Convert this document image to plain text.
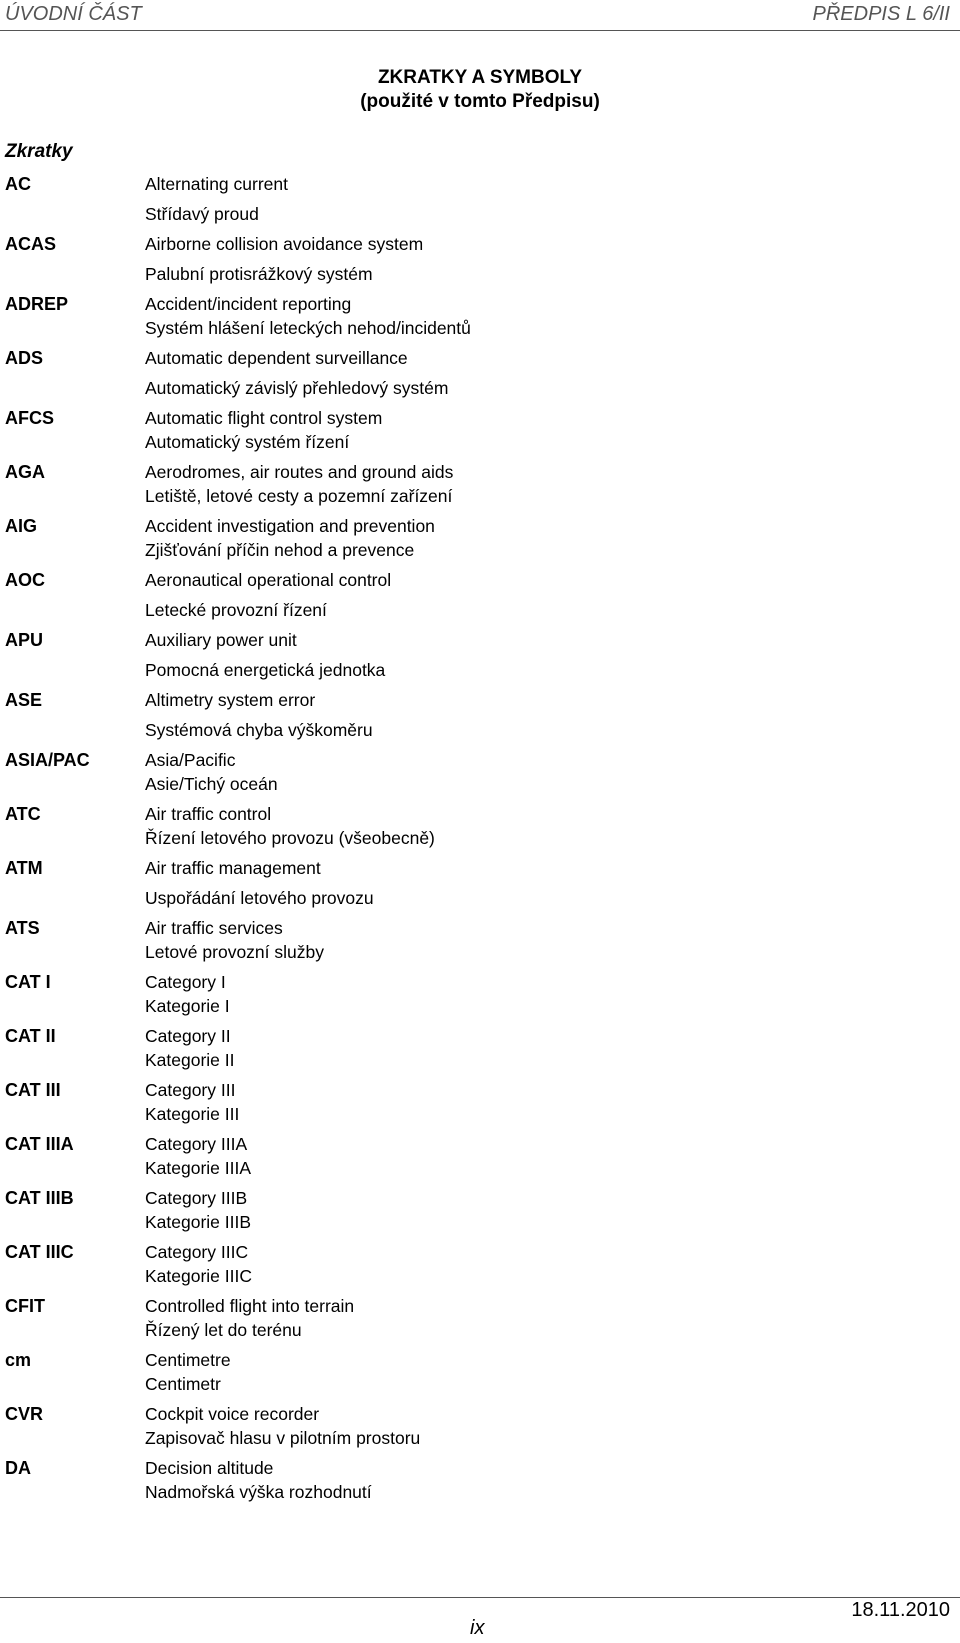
ÚVODNÍ ČÁST	PŘEDPIS L 6/II
ZKRATKY A SYMBOLY
(použité v tomto Předpisu)
Zkratky
AC	Alternating current
Střídavý proud
ACAS	Airborne collision avoidance system
Palubní protisrážkový systém
ADREP	Accident/incident reporting
Systém hlášení leteckých nehod/incidentů
ADS	Automatic dependent surveillance
Automatický závislý přehledový systém
AFCS	Automatic flight control system
Automatický systém řízení
AGA	Aerodromes, air routes and ground aids
Letiště, letové cesty a pozemní zařízení
AIG	Accident investigation and prevention
Zjišťování příčin nehod a prevence
AOC	Aeronautical operational control
Letecké provozní řízení
APU	Auxiliary power unit
Pomocná energetická jednotka
ASE	Altimetry system error
Systémová chyba výškoměru
ASIA/PAC	Asia/Pacific
Asie/Tichý oceán
ATC	Air traffic control
Řízení letového provozu (všeobecně)
ATM	Air traffic management
Uspořádání letového provozu
ATS	Air traffic services
Letové provozní služby
CAT I	Category I
Kategorie I
CAT II	Category II
Kategorie II
CAT III	Category III
Kategorie III
CAT IIIA	Category IIIA
Kategorie IIIA
CAT IIIB	Category IIIB
Kategorie IIIB
CAT IIIC	Category IIIC
Kategorie IIIC
CFIT	Controlled flight into terrain
Řízený let do terénu
cm	Centimetre
Centimetr
CVR	Cockpit voice recorder
Zapisovač hlasu v pilotním prostoru
DA	Decision altitude
Nadmořská výška rozhodnutí
ix
18.11.2010
